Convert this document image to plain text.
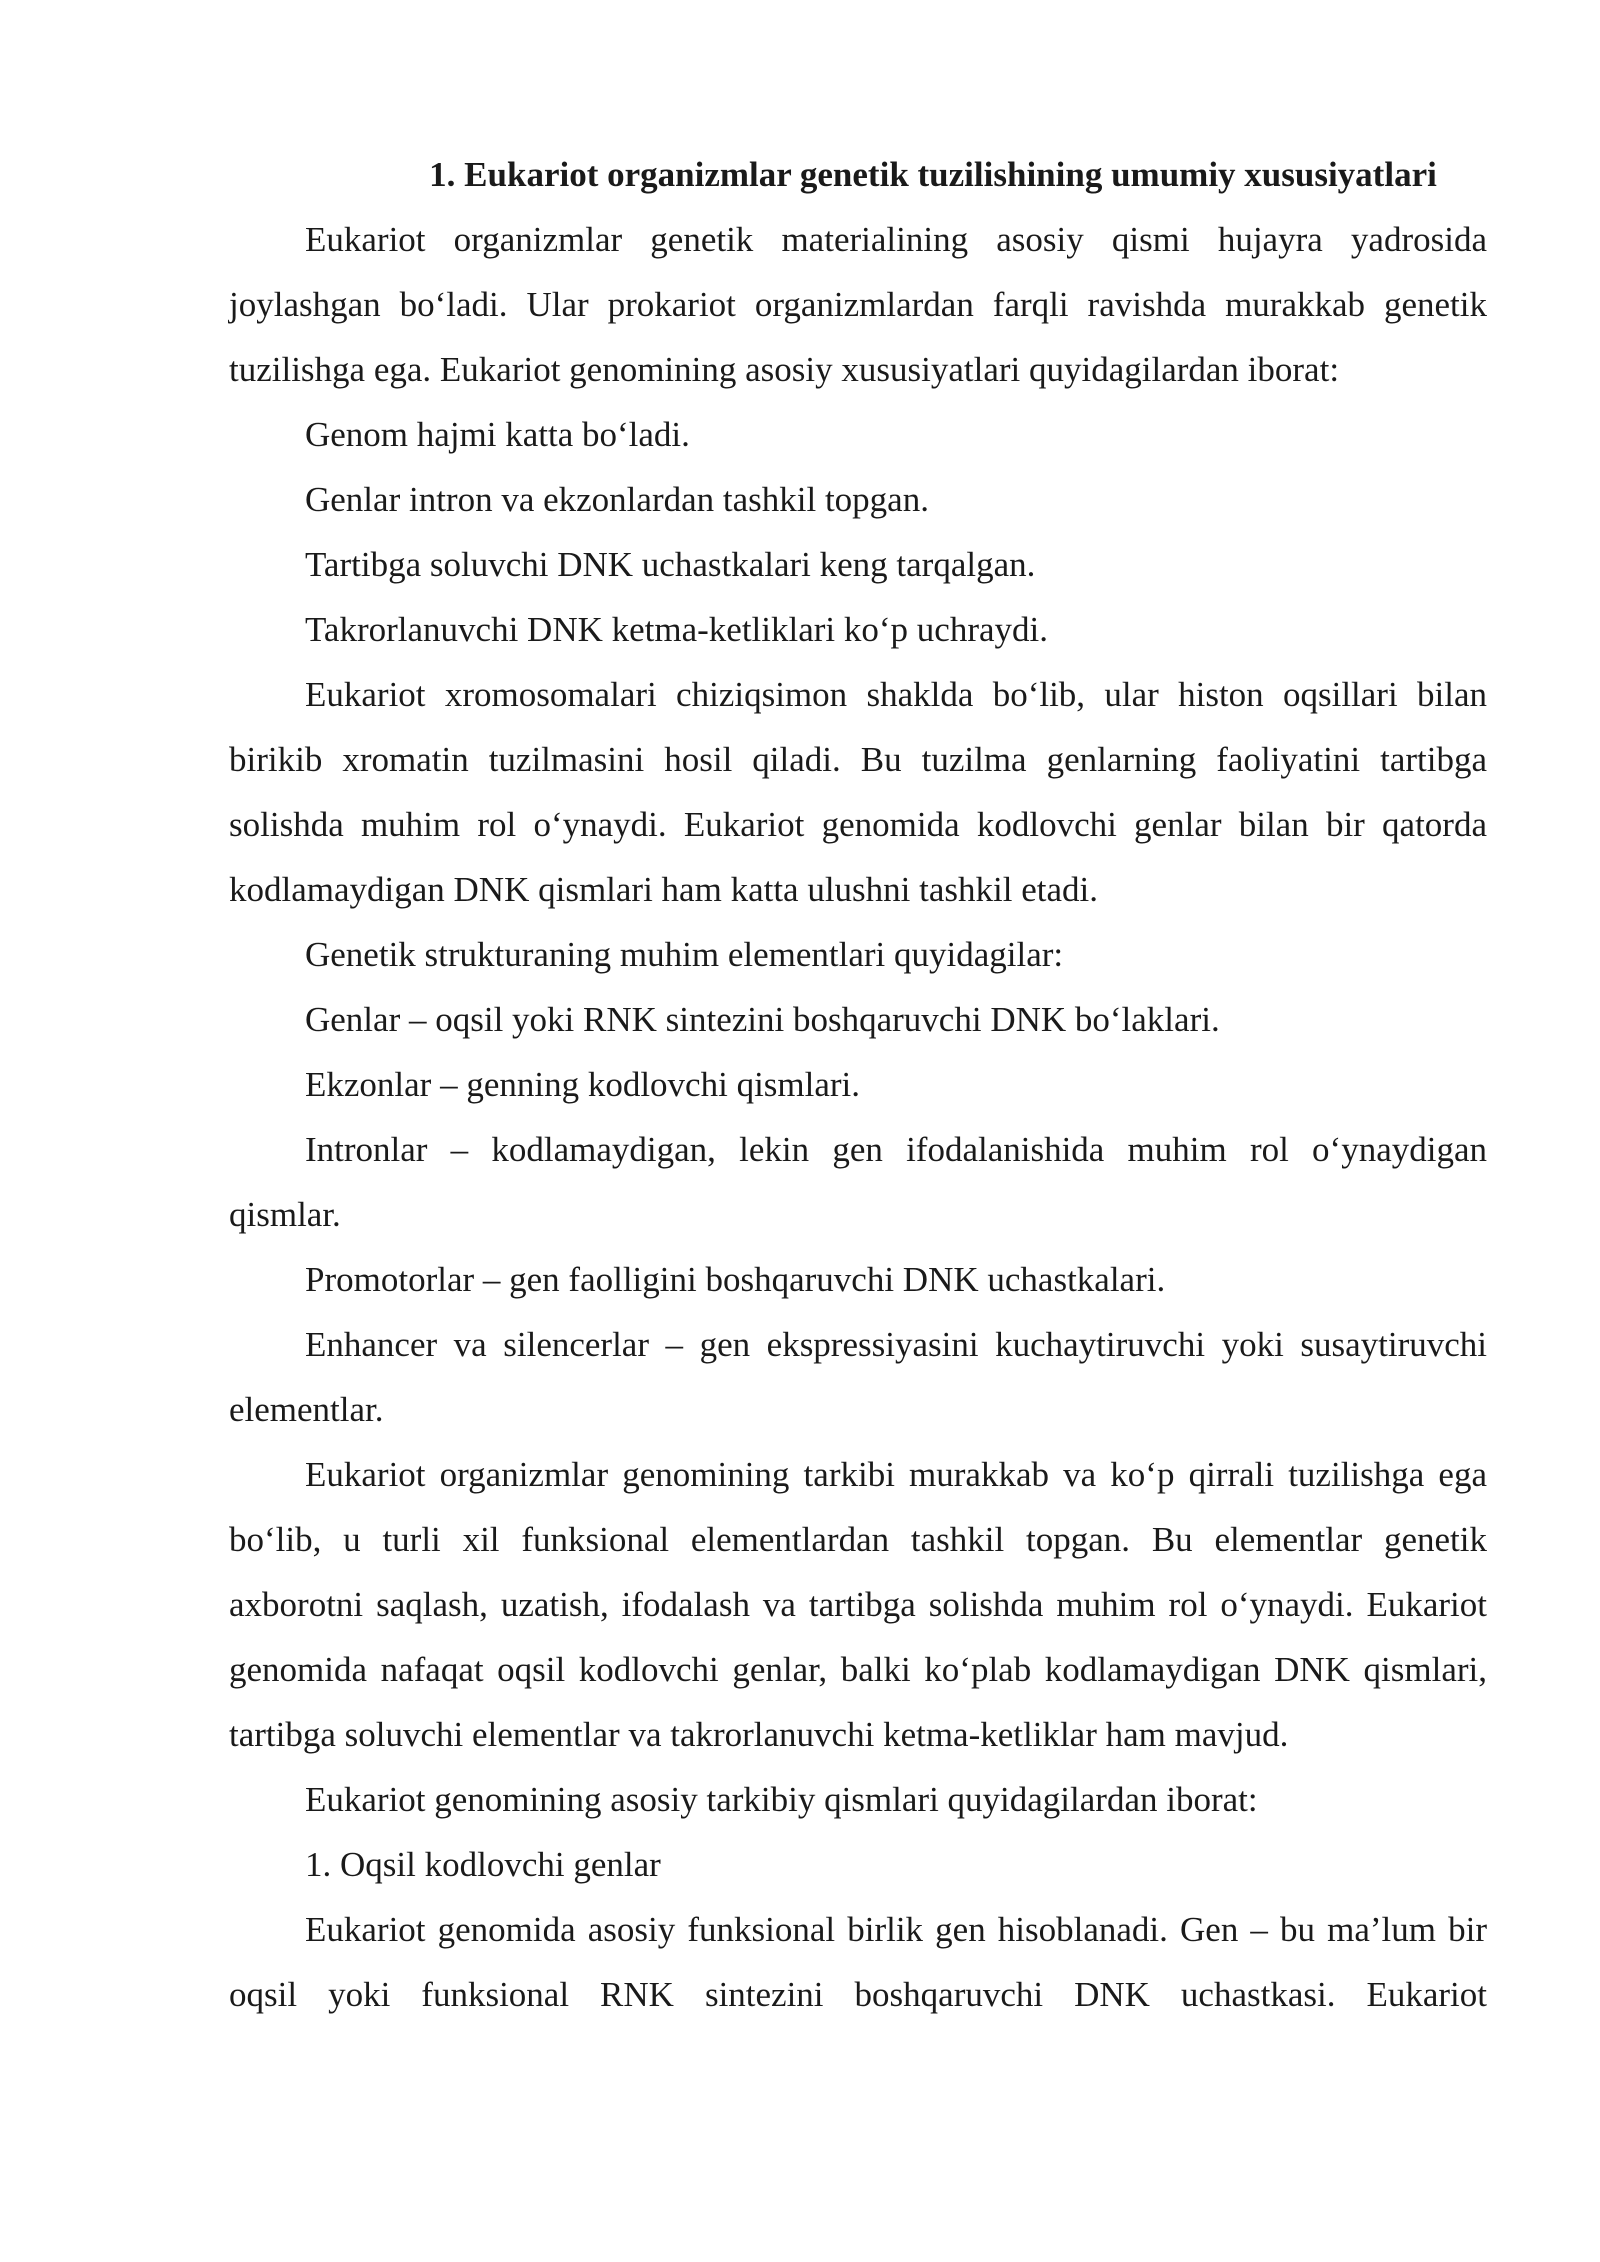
1. Eukariot organizmlar genetik tuzilishining umumiy xususiyatlari

Eukariot organizmlar genetik materialining asosiy qismi hujayra yadrosida joylashgan bo‘ladi. Ular prokariot organizmlardan farqli ravishda murakkab genetik tuzilishga ega. Eukariot genomining asosiy xususiyatlari quyidagilardan iborat:

Genom hajmi katta bo‘ladi.

Genlar intron va ekzonlardan tashkil topgan.

Tartibga soluvchi DNK uchastkalari keng tarqalgan.

Takrorlanuvchi DNK ketma-ketliklari ko‘p uchraydi.

Eukariot xromosomalari chiziqsimon shaklda bo‘lib, ular histon oqsillari bilan birikib xromatin tuzilmasini hosil qiladi. Bu tuzilma genlarning faoliyatini tartibga solishda muhim rol o‘ynaydi. Eukariot genomida kodlovchi genlar bilan bir qatorda kodlamaydigan DNK qismlari ham katta ulushni tashkil etadi.

Genetik strukturaning muhim elementlari quyidagilar:

Genlar – oqsil yoki RNK sintezini boshqaruvchi DNK bo‘laklari.

Ekzonlar – genning kodlovchi qismlari.

Intronlar – kodlamaydigan, lekin gen ifodalanishida muhim rol o‘ynaydigan qismlar.

Promotorlar – gen faolligini boshqaruvchi DNK uchastkalari.

Enhancer va silencerlar – gen ekspressiyasini kuchaytiruvchi yoki susaytiruvchi elementlar.

Eukariot organizmlar genomining tarkibi murakkab va ko‘p qirrali tuzilishga ega bo‘lib, u turli xil funksional elementlardan tashkil topgan. Bu elementlar genetik axborotni saqlash, uzatish, ifodalash va tartibga solishda muhim rol o‘ynaydi. Eukariot genomida nafaqat oqsil kodlovchi genlar, balki ko‘plab kodlamaydigan DNK qismlari, tartibga soluvchi elementlar va takrorlanuvchi ketma-ketliklar ham mavjud.

Eukariot genomining asosiy tarkibiy qismlari quyidagilardan iborat:

1. Oqsil kodlovchi genlar

Eukariot genomida asosiy funksional birlik gen hisoblanadi. Gen – bu ma’lum bir oqsil yoki funksional RNK sintezini boshqaruvchi DNK uchastkasi. Eukariot
